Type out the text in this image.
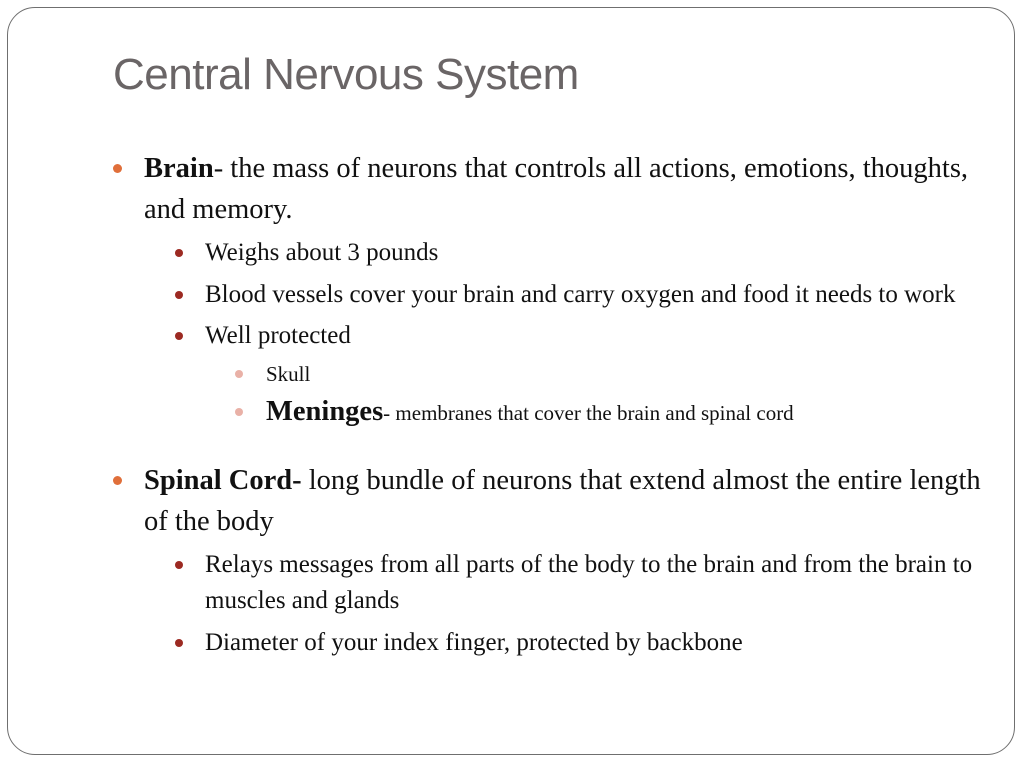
Central Nervous System
Brain- the mass of neurons that controls all actions, emotions, thoughts, and memory.
Weighs about 3 pounds
Blood vessels cover your brain and carry oxygen and food it needs to work
Well protected
Skull
Meninges- membranes that cover the brain and spinal cord
Spinal Cord- long bundle of neurons that extend almost the entire length of the body
Relays messages from all parts of the body to the brain and from the brain to muscles and glands
Diameter of your index finger, protected by backbone
